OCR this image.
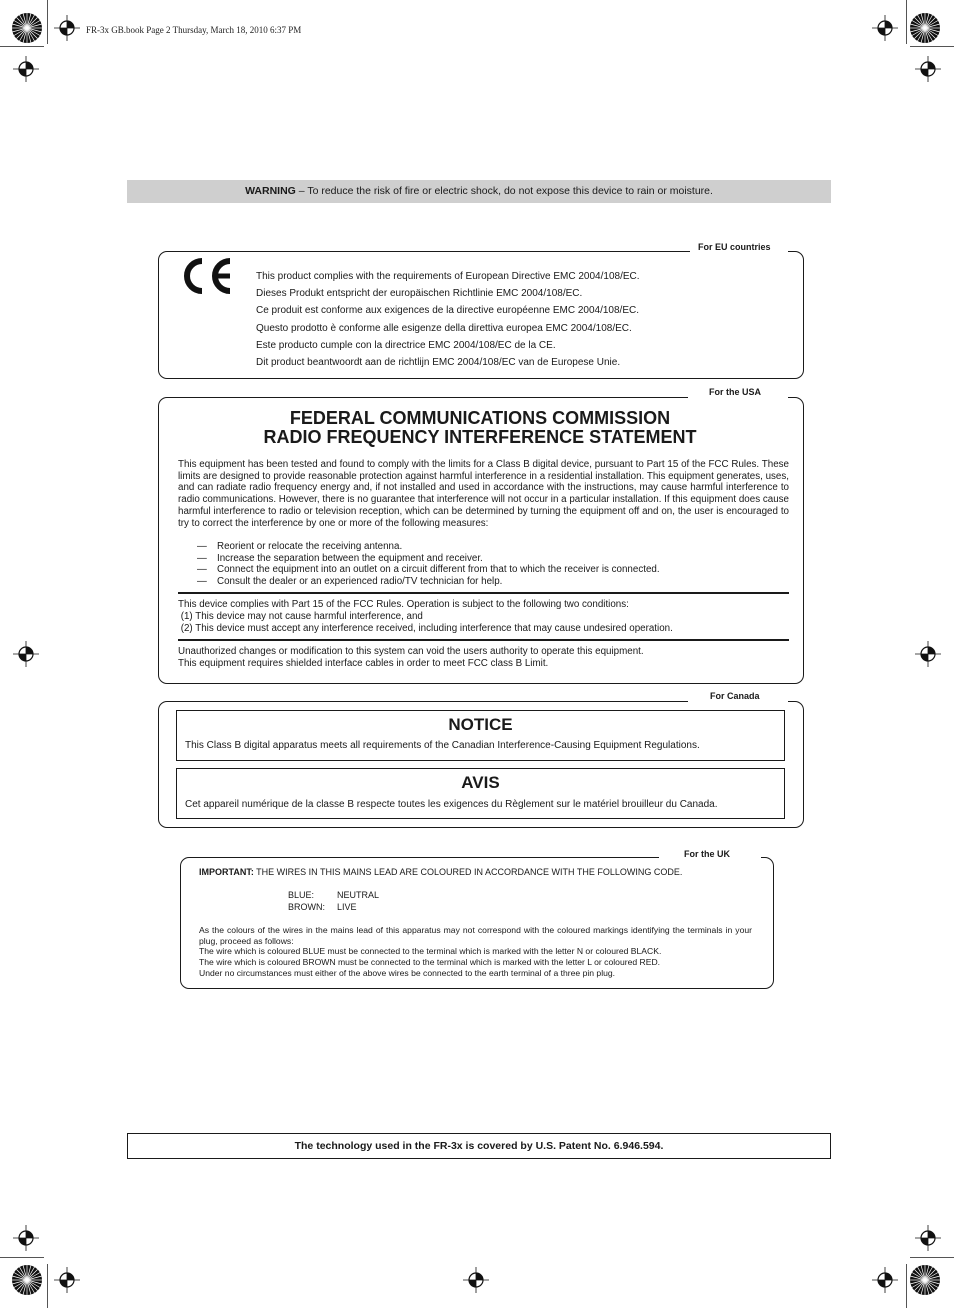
FR-3x GB.book Page 2 Thursday, March 18, 2010 6:37 PM
WARNING – To reduce the risk of fire or electric shock, do not expose this device to rain or moisture.
For EU countries
This product complies with the requirements of European Directive EMC 2004/108/EC.
Dieses Produkt entspricht der europäischen Richtlinie EMC 2004/108/EC.
Ce produit est conforme aux exigences de la directive européenne EMC 2004/108/EC.
Questo prodotto è conforme alle esigenze della direttiva europea EMC 2004/108/EC.
Este producto cumple con la directrice EMC 2004/108/EC de la CE.
Dit product beantwoordt aan de richtlijn EMC 2004/108/EC van de Europese Unie.
For the USA
FEDERAL COMMUNICATIONS COMMISSION
RADIO FREQUENCY INTERFERENCE STATEMENT
This equipment has been tested and found to comply with the limits for a Class B digital device, pursuant to Part 15 of the FCC Rules. These limits are designed to provide reasonable protection against harmful interference in a residential installation. This equipment generates, uses, and can radiate radio frequency energy and, if not installed and used in accordance with the instructions, may cause harmful interference to radio communications. However, there is no guarantee that interference will not occur in a particular installation. If this equipment does cause harmful interference to radio or television reception, which can be determined by turning the equipment off and on, the user is encouraged to try to correct the interference by one or more of the following measures:
— Reorient or relocate the receiving antenna.
— Increase the separation between the equipment and receiver.
— Connect the equipment into an outlet on a circuit different from that to which the receiver is connected.
— Consult the dealer or an experienced radio/TV technician for help.
This device complies with Part 15 of the FCC Rules. Operation is subject to the following two conditions:
(1) This device may not cause harmful interference, and
(2) This device must accept any interference received, including interference that may cause undesired operation.
Unauthorized changes or modification to this system can void the users authority to operate this equipment.
This equipment requires shielded interface cables in order to meet FCC class B Limit.
For Canada
NOTICE
This Class B digital apparatus meets all requirements of the Canadian Interference-Causing Equipment Regulations.
AVIS
Cet appareil numérique de la classe B respecte toutes les exigences du Règlement sur le matériel brouilleur du Canada.
For the UK
IMPORTANT: THE WIRES IN THIS MAINS LEAD ARE COLOURED IN ACCORDANCE WITH THE FOLLOWING CODE.
BLUE:	NEUTRAL
BROWN: LIVE
As the colours of the wires in the mains lead of this apparatus may not correspond with the coloured markings identifying the terminals in your plug, proceed as follows:
The wire which is coloured BLUE must be connected to the terminal which is marked with the letter N or coloured BLACK.
The wire which is coloured BROWN must be connected to the terminal which is marked with the letter L or coloured RED.
Under no circumstances must either of the above wires be connected to the earth terminal of a three pin plug.
The technology used in the FR-3x is covered by U.S. Patent No. 6.946.594.
